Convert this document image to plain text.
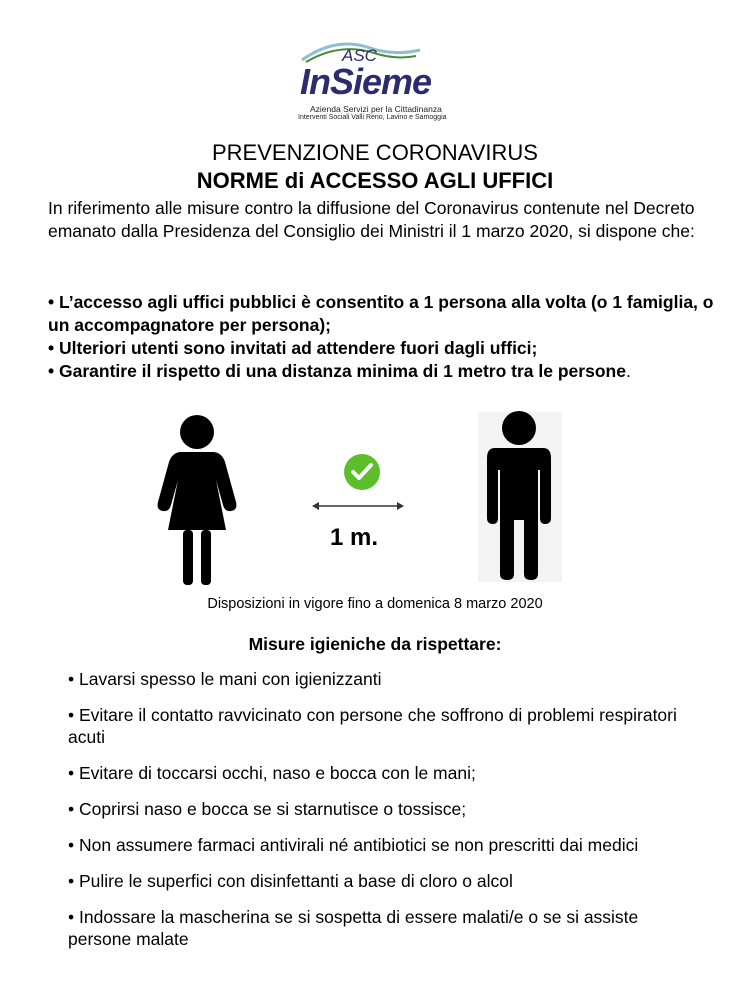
ASC
InSieme
Azienda Servizi per la Cittadinanza
Interventi Sociali Valli Reno, Lavino e Samoggia
PREVENZIONE CORONAVIRUS
NORME di ACCESSO AGLI UFFICI
In riferimento alle misure contro la diffusione del Coronavirus contenute nel Decreto emanato dalla Presidenza del Consiglio dei Ministri il 1 marzo 2020, si dispone che:
• L’accesso agli uffici pubblici è consentito a 1 persona alla volta (o 1 famiglia, o un accompagnatore per persona);
• Ulteriori utenti sono invitati ad attendere fuori dagli uffici;
• Garantire il rispetto di una distanza minima di 1 metro tra le persone.
1 m.
Disposizioni in vigore fino a domenica 8 marzo 2020
Misure igieniche da rispettare:
• Lavarsi spesso le mani con igienizzanti
• Evitare il contatto ravvicinato con persone che soffrono di problemi respiratori acuti
• Evitare di toccarsi occhi, naso e bocca con le mani;
• Coprirsi naso e bocca se si starnutisce o tossisce;
• Non assumere farmaci antivirali né antibiotici se non prescritti dai medici
• Pulire le superfici con disinfettanti a base di cloro o alcol
• Indossare la mascherina se si sospetta di essere malati/e o se si assiste persone malate
